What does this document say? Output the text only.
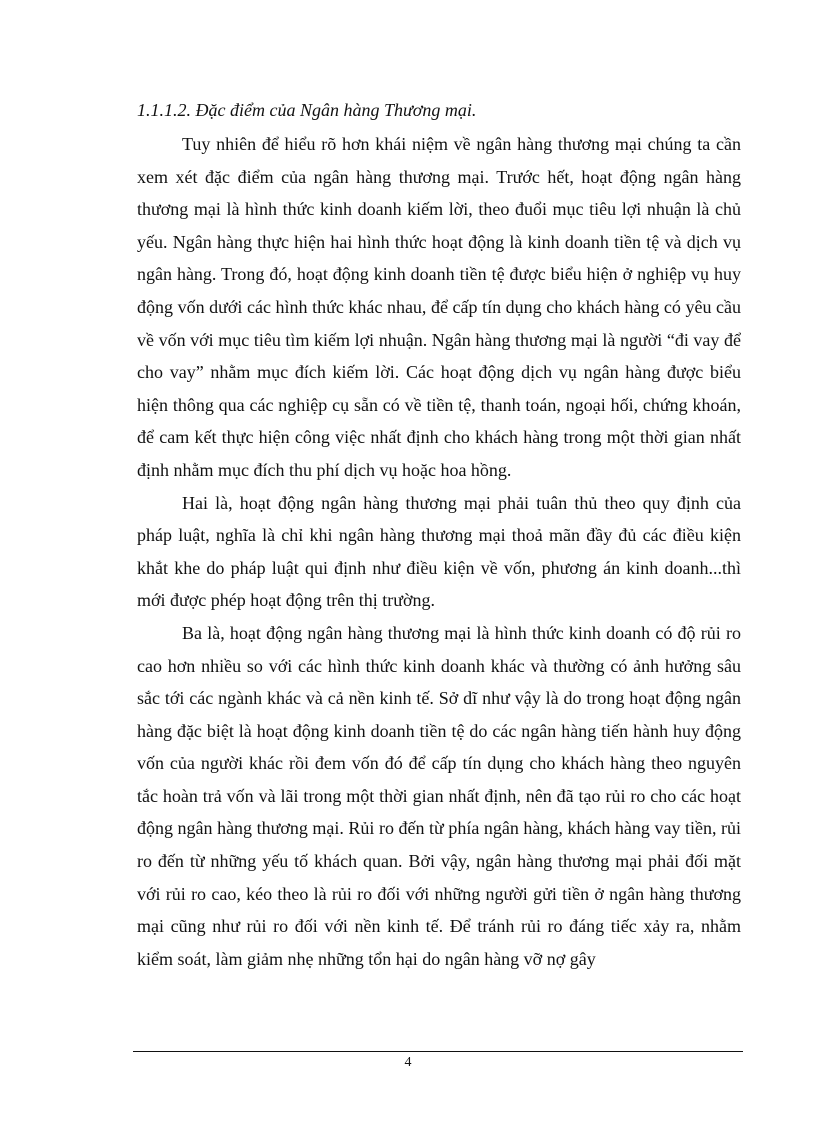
1.1.1.2. Đặc điểm của Ngân hàng Thương mại.

Tuy nhiên để hiểu rõ hơn khái niệm về ngân hàng thương mại chúng ta cần xem xét đặc điểm của ngân hàng thương mại. Trước hết, hoạt động ngân hàng thương mại là hình thức kinh doanh kiếm lời, theo đuổi mục tiêu lợi nhuận là chủ yếu. Ngân hàng thực hiện hai hình thức hoạt động là kinh doanh tiền tệ và dịch vụ ngân hàng. Trong đó, hoạt động kinh doanh tiền tệ được biểu hiện ở nghiệp vụ huy động vốn dưới các hình thức khác nhau, để cấp tín dụng cho khách hàng có yêu cầu về vốn với mục tiêu tìm kiếm lợi nhuận. Ngân hàng thương mại là người “đi vay để cho vay” nhằm mục đích kiếm lời. Các hoạt động dịch vụ ngân hàng được biểu hiện thông qua các nghiệp cụ sẵn có về tiền tệ, thanh toán, ngoại hối, chứng khoán, để cam kết thực hiện công việc nhất định cho khách hàng trong một thời gian nhất định nhằm mục đích thu phí dịch vụ hoặc hoa hồng.

Hai là, hoạt động ngân hàng thương mại phải tuân thủ theo quy định của pháp luật, nghĩa là chỉ khi ngân hàng thương mại thoả mãn đầy đủ các điều kiện khắt khe do pháp luật qui định như điều kiện về vốn, phương án kinh doanh...thì mới được phép hoạt động trên thị trường.

Ba là, hoạt động ngân hàng thương mại là hình thức kinh doanh có độ rủi ro cao hơn nhiều so với các hình thức kinh doanh khác và thường có ảnh hưởng sâu sắc tới các ngành khác và cả nền kinh tế. Sở dĩ như vậy là do trong hoạt động ngân hàng đặc biệt là hoạt động kinh doanh tiền tệ do các ngân hàng tiến hành huy động vốn của người khác rồi đem vốn đó để cấp tín dụng cho khách hàng theo nguyên tắc hoàn trả vốn và lãi trong một thời gian nhất định, nên đã tạo rủi ro cho các hoạt động ngân hàng thương mại. Rủi ro đến từ phía ngân hàng, khách hàng vay tiền, rủi ro đến từ những yếu tố khách quan. Bởi vậy, ngân hàng thương mại phải đối mặt với rủi ro cao, kéo theo là rủi ro đối với những người gửi tiền ở ngân hàng thương mại cũng như rủi ro đối với nền kinh tế. Để tránh rủi ro đáng tiếc xảy ra, nhằm kiểm soát, làm giảm nhẹ những tổn hại do ngân hàng vỡ nợ gây

4
